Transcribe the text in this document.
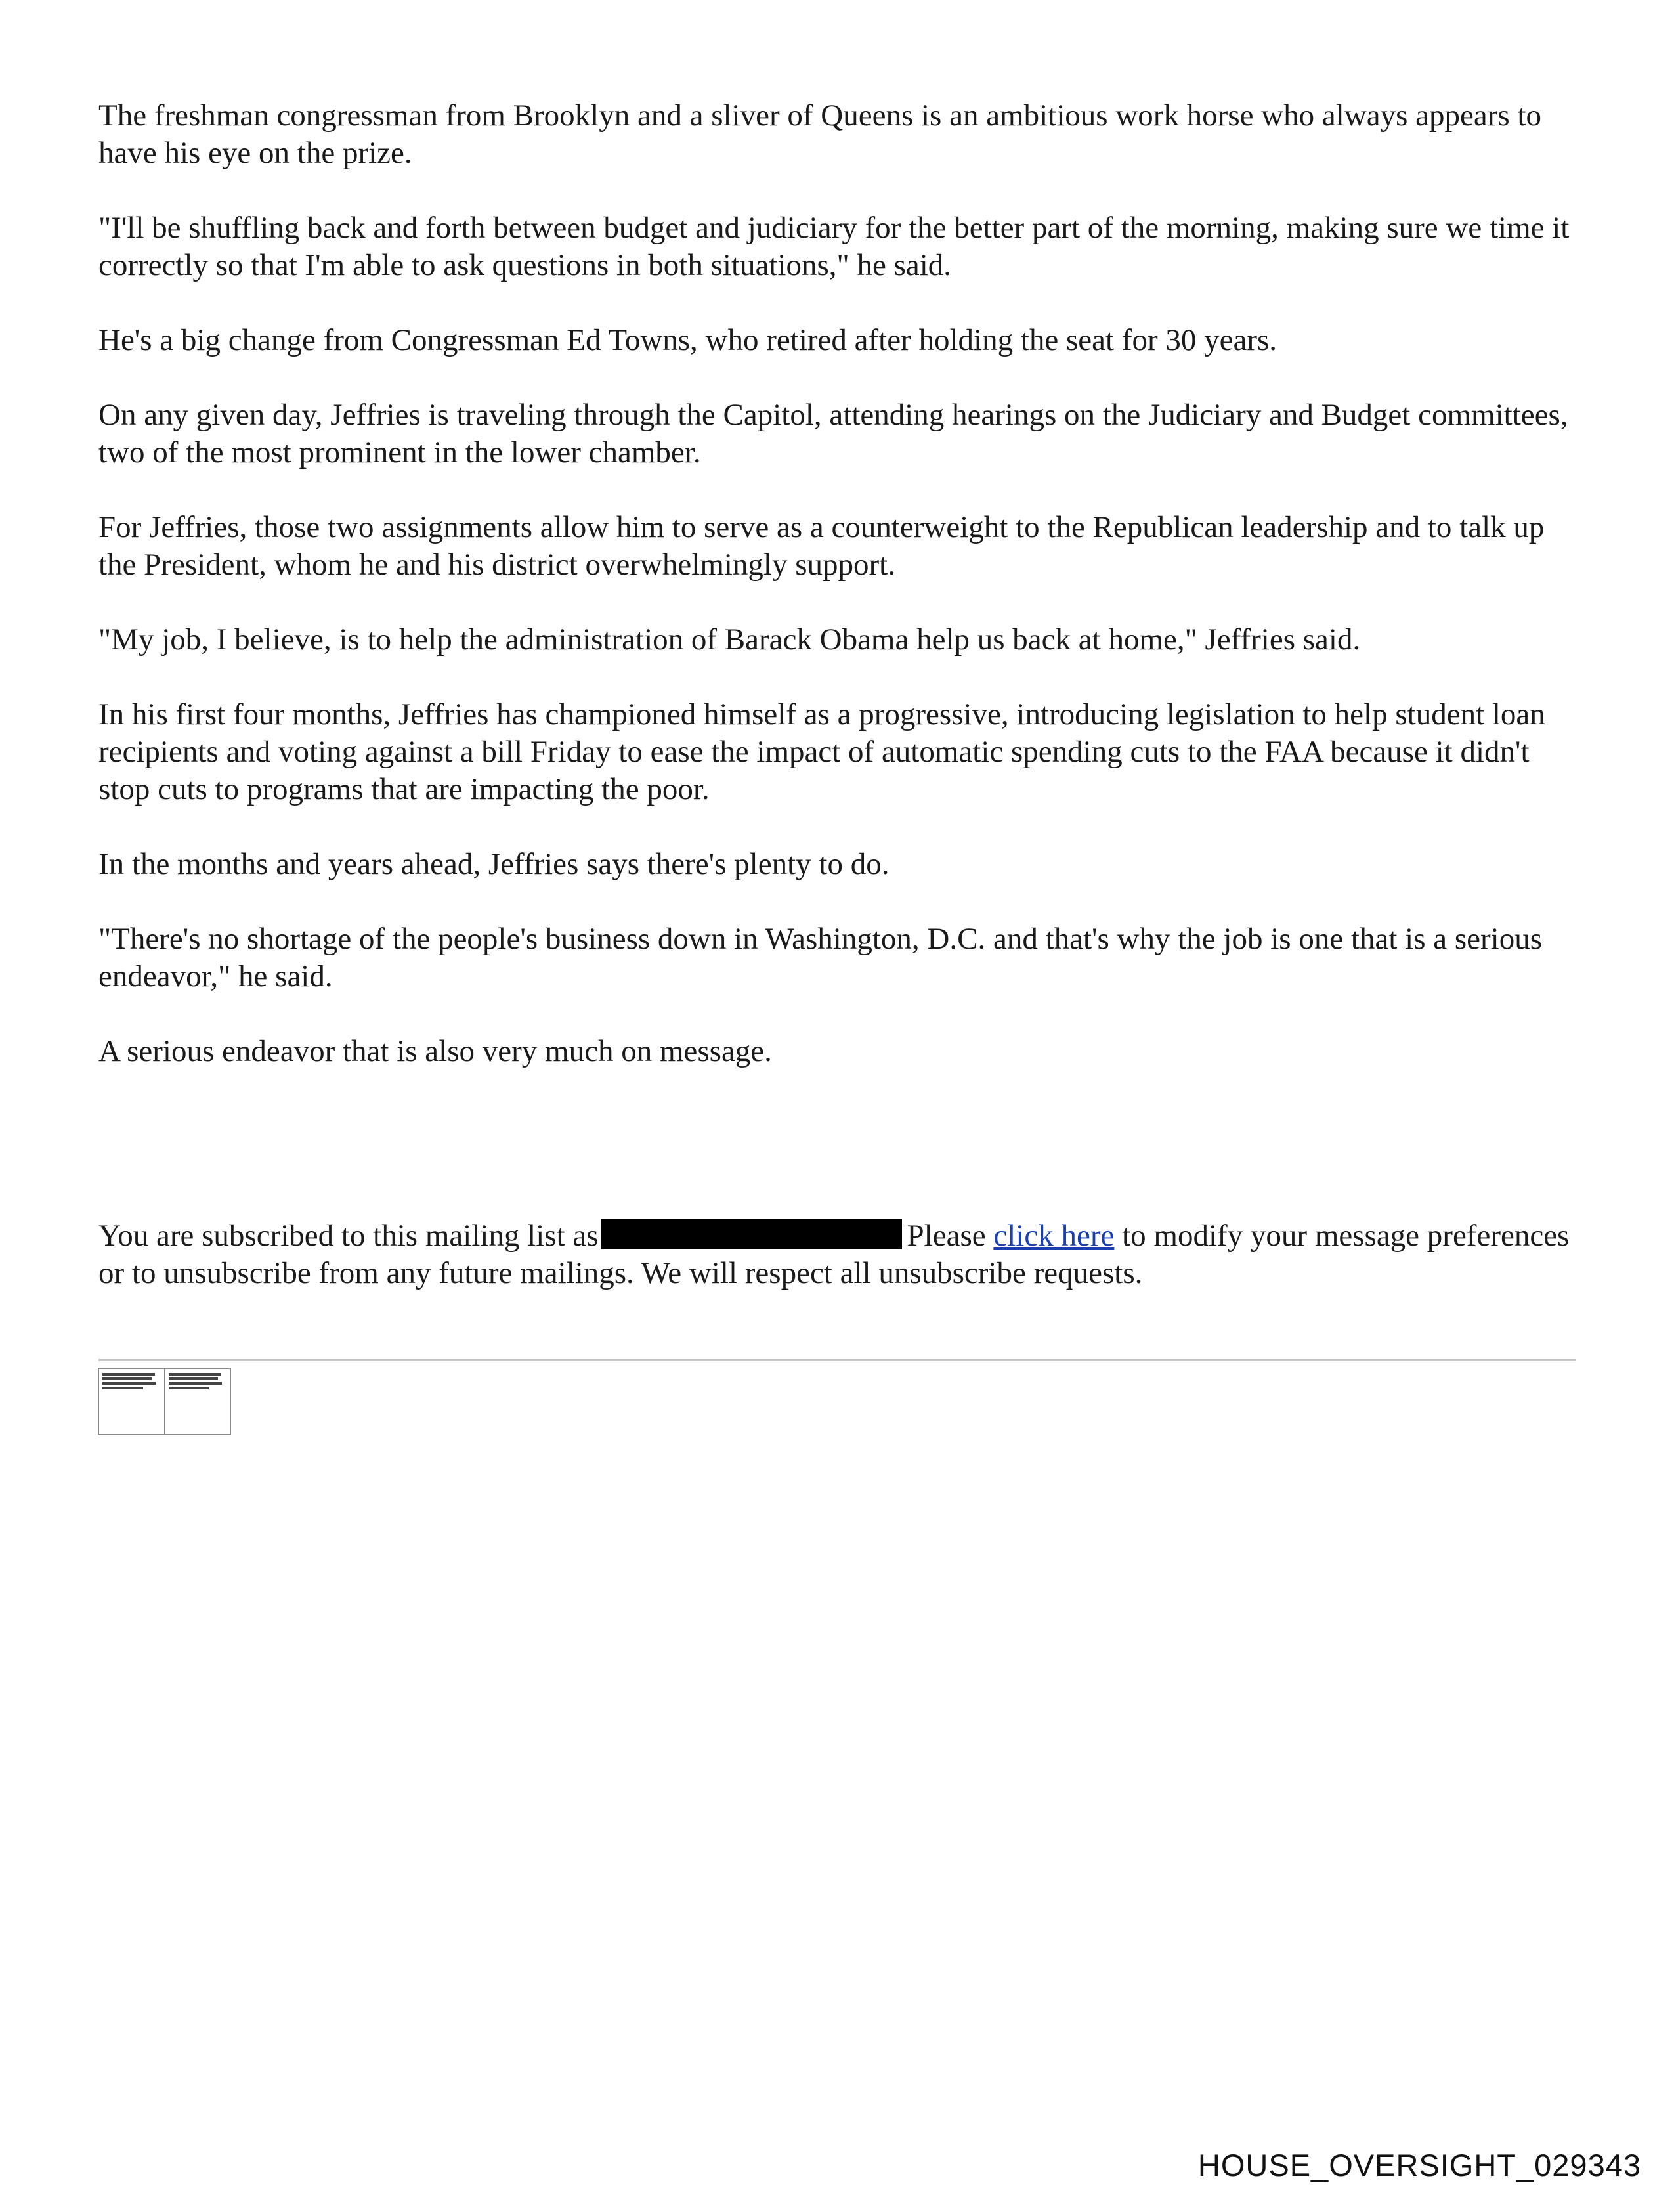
The freshman congressman from Brooklyn and a sliver of Queens is an ambitious work horse who always appears to have his eye on the prize.

"I'll be shuffling back and forth between budget and judiciary for the better part of the morning, making sure we time it correctly so that I'm able to ask questions in both situations," he said.

He's a big change from Congressman Ed Towns, who retired after holding the seat for 30 years.

On any given day, Jeffries is traveling through the Capitol, attending hearings on the Judiciary and Budget committees, two of the most prominent in the lower chamber.

For Jeffries, those two assignments allow him to serve as a counterweight to the Republican leadership and to talk up the President, whom he and his district overwhelmingly support.

"My job, I believe, is to help the administration of Barack Obama help us back at home," Jeffries said.

In his first four months, Jeffries has championed himself as a progressive, introducing legislation to help student loan recipients and voting against a bill Friday to ease the impact of automatic spending cuts to the FAA because it didn't stop cuts to programs that are impacting the poor.

In the months and years ahead, Jeffries says there's plenty to do.

"There's no shortage of the people's business down in Washington, D.C. and that's why the job is one that is a serious endeavor," he said.

A serious endeavor that is also very much on message.

You are subscribed to this mailing list as	Please click here to modify your message preferences or to unsubscribe from any future mailings. We will respect all unsubscribe requests.
HOUSE_OVERSIGHT_029343
